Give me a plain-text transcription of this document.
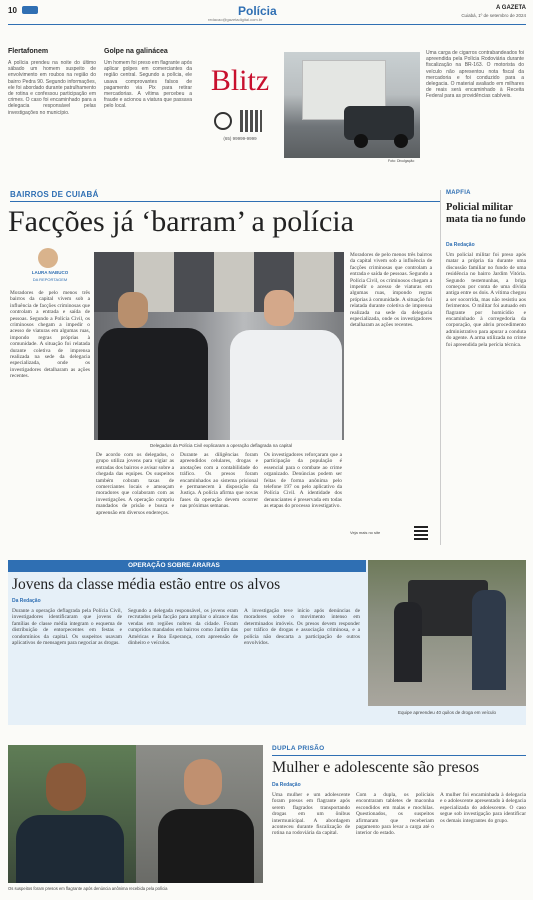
10	Polícia
redacao@gazetadigital.com.br
A GAZETA
Cuiabá, 1º de setembro de 2024
Flertafonem
A polícia prendeu na noite do último sábado um homem suspeito de envolvimento em roubos na região do bairro Pedra 90. Segundo informações, ele foi abordado durante patrulhamento de rotina e confessou participação em crimes. O caso foi encaminhado para a delegacia responsável pelas investigações no município.
Golpe na galinácea
Um homem foi preso em flagrante após aplicar golpes em comerciantes da região central. Segundo a polícia, ele usava comprovantes falsos de pagamento via Pix para retirar mercadorias. A vítima percebeu a fraude e acionou a viatura que passava pelo local.
Blitz
(65) 99999-9999
Foto: Divulgação
Uma carga de cigarros contrabandeados foi apreendida pela Polícia Rodoviária durante fiscalização na BR-163. O motorista do veículo não apresentou nota fiscal da mercadoria e foi conduzido para a delegacia. O material avaliado em milhares de reais será encaminhado à Receita Federal para as providências cabíveis.
BAIRROS DE CUIABÁ
Facções já ‘barram’ a polícia
LAURA NABUCO
DA REPORTAGEM
Moradores de pelo menos três bairros da capital vivem sob a influência de facções criminosas que controlam a entrada e saída de pessoas. Segundo a Polícia Civil, os criminosos chegam a impedir o acesso de viaturas em algumas ruas, impondo regras próprias à comunidade. A situação foi relatada durante coletiva de imprensa realizada na sede da delegacia especializada, onde os investigadores detalharam as ações recentes.
Delegados da Polícia Civil explicaram a operação deflagrada na capital
De acordo com os delegados, o grupo utiliza jovens para vigiar as entradas dos bairros e avisar sobre a chegada das equipes. Os suspeitos também cobram taxas de comerciantes locais e ameaçam moradores que colaboram com as investigações. A operação cumpriu mandados de prisão e busca e apreensão em diversos endereços.
Durante as diligências foram apreendidos celulares, drogas e anotações com a contabilidade do tráfico. Os presos foram encaminhados ao sistema prisional e permanecem à disposição da Justiça. A polícia afirma que novas fases da operação devem ocorrer nas próximas semanas.
Os investigadores reforçaram que a participação da população é essencial para o combate ao crime organizado. Denúncias podem ser feitas de forma anônima pelo telefone 197 ou pelo aplicativo da Polícia Civil. A identidade dos denunciantes é preservada em todas as etapas do processo investigativo.
Moradores de pelo menos três bairros da capital vivem sob a influência de facções criminosas que controlam a entrada e saída de pessoas. Segundo a Polícia Civil, os criminosos chegam a impedir o acesso de viaturas em algumas ruas, impondo regras próprias à comunidade. A situação foi relatada durante coletiva de imprensa realizada na sede da delegacia especializada, onde os investigadores detalharam as ações recentes.
Veja mais no site
MAPFIA
Policial militar mata tia no fundo
Da Redação
Um policial militar foi preso após matar a própria tia durante uma discussão familiar no fundo de uma residência no bairro Jardim Vitória. Segundo testemunhas, a briga começou por conta de uma dívida antiga entre os dois. A vítima chegou a ser socorrida, mas não resistiu aos ferimentos. O militar foi autuado em flagrante por homicídio e encaminhado à corregedoria da corporação, que abriu procedimento administrativo para apurar a conduta do agente. A arma utilizada no crime foi apreendida pela perícia técnica.
OPERAÇÃO SOBRE ARARAS
Jovens da classe média estão entre os alvos
Da Redação
Durante a operação deflagrada pela Polícia Civil, investigadores identificaram que jovens de famílias de classe média integram o esquema de distribuição de entorpecentes em festas e condomínios da capital. Os suspeitos usavam aplicativos de mensagem para negociar as drogas.
Segundo a delegada responsável, os jovens eram recrutados pela facção para ampliar o alcance das vendas em regiões nobres da cidade. Foram cumpridos mandados em bairros como Jardim das Américas e Boa Esperança, com apreensão de dinheiro e veículos.
A investigação teve início após denúncias de moradores sobre o movimento intenso em determinados imóveis. Os presos devem responder por tráfico de drogas e associação criminosa, e a polícia não descarta a participação de outros envolvidos.
Equipe apreendeu 40 quilos de droga em veículo
Os suspeitos foram presos em flagrante após denúncia anônima recebida pela polícia
DUPLA PRISÃO
Mulher e adolescente são presos
Da Redação
Uma mulher e um adolescente foram presos em flagrante após serem flagrados transportando drogas em um ônibus intermunicipal. A abordagem aconteceu durante fiscalização de rotina na rodoviária da capital.
Com a dupla, os policiais encontraram tabletes de maconha escondidos em malas e mochilas. Questionados, os suspeitos afirmaram que receberiam pagamento para levar a carga até o interior do estado.
A mulher foi encaminhada à delegacia e o adolescente apresentado à delegacia especializada do adolescente. O caso segue sob investigação para identificar os demais integrantes do grupo.
